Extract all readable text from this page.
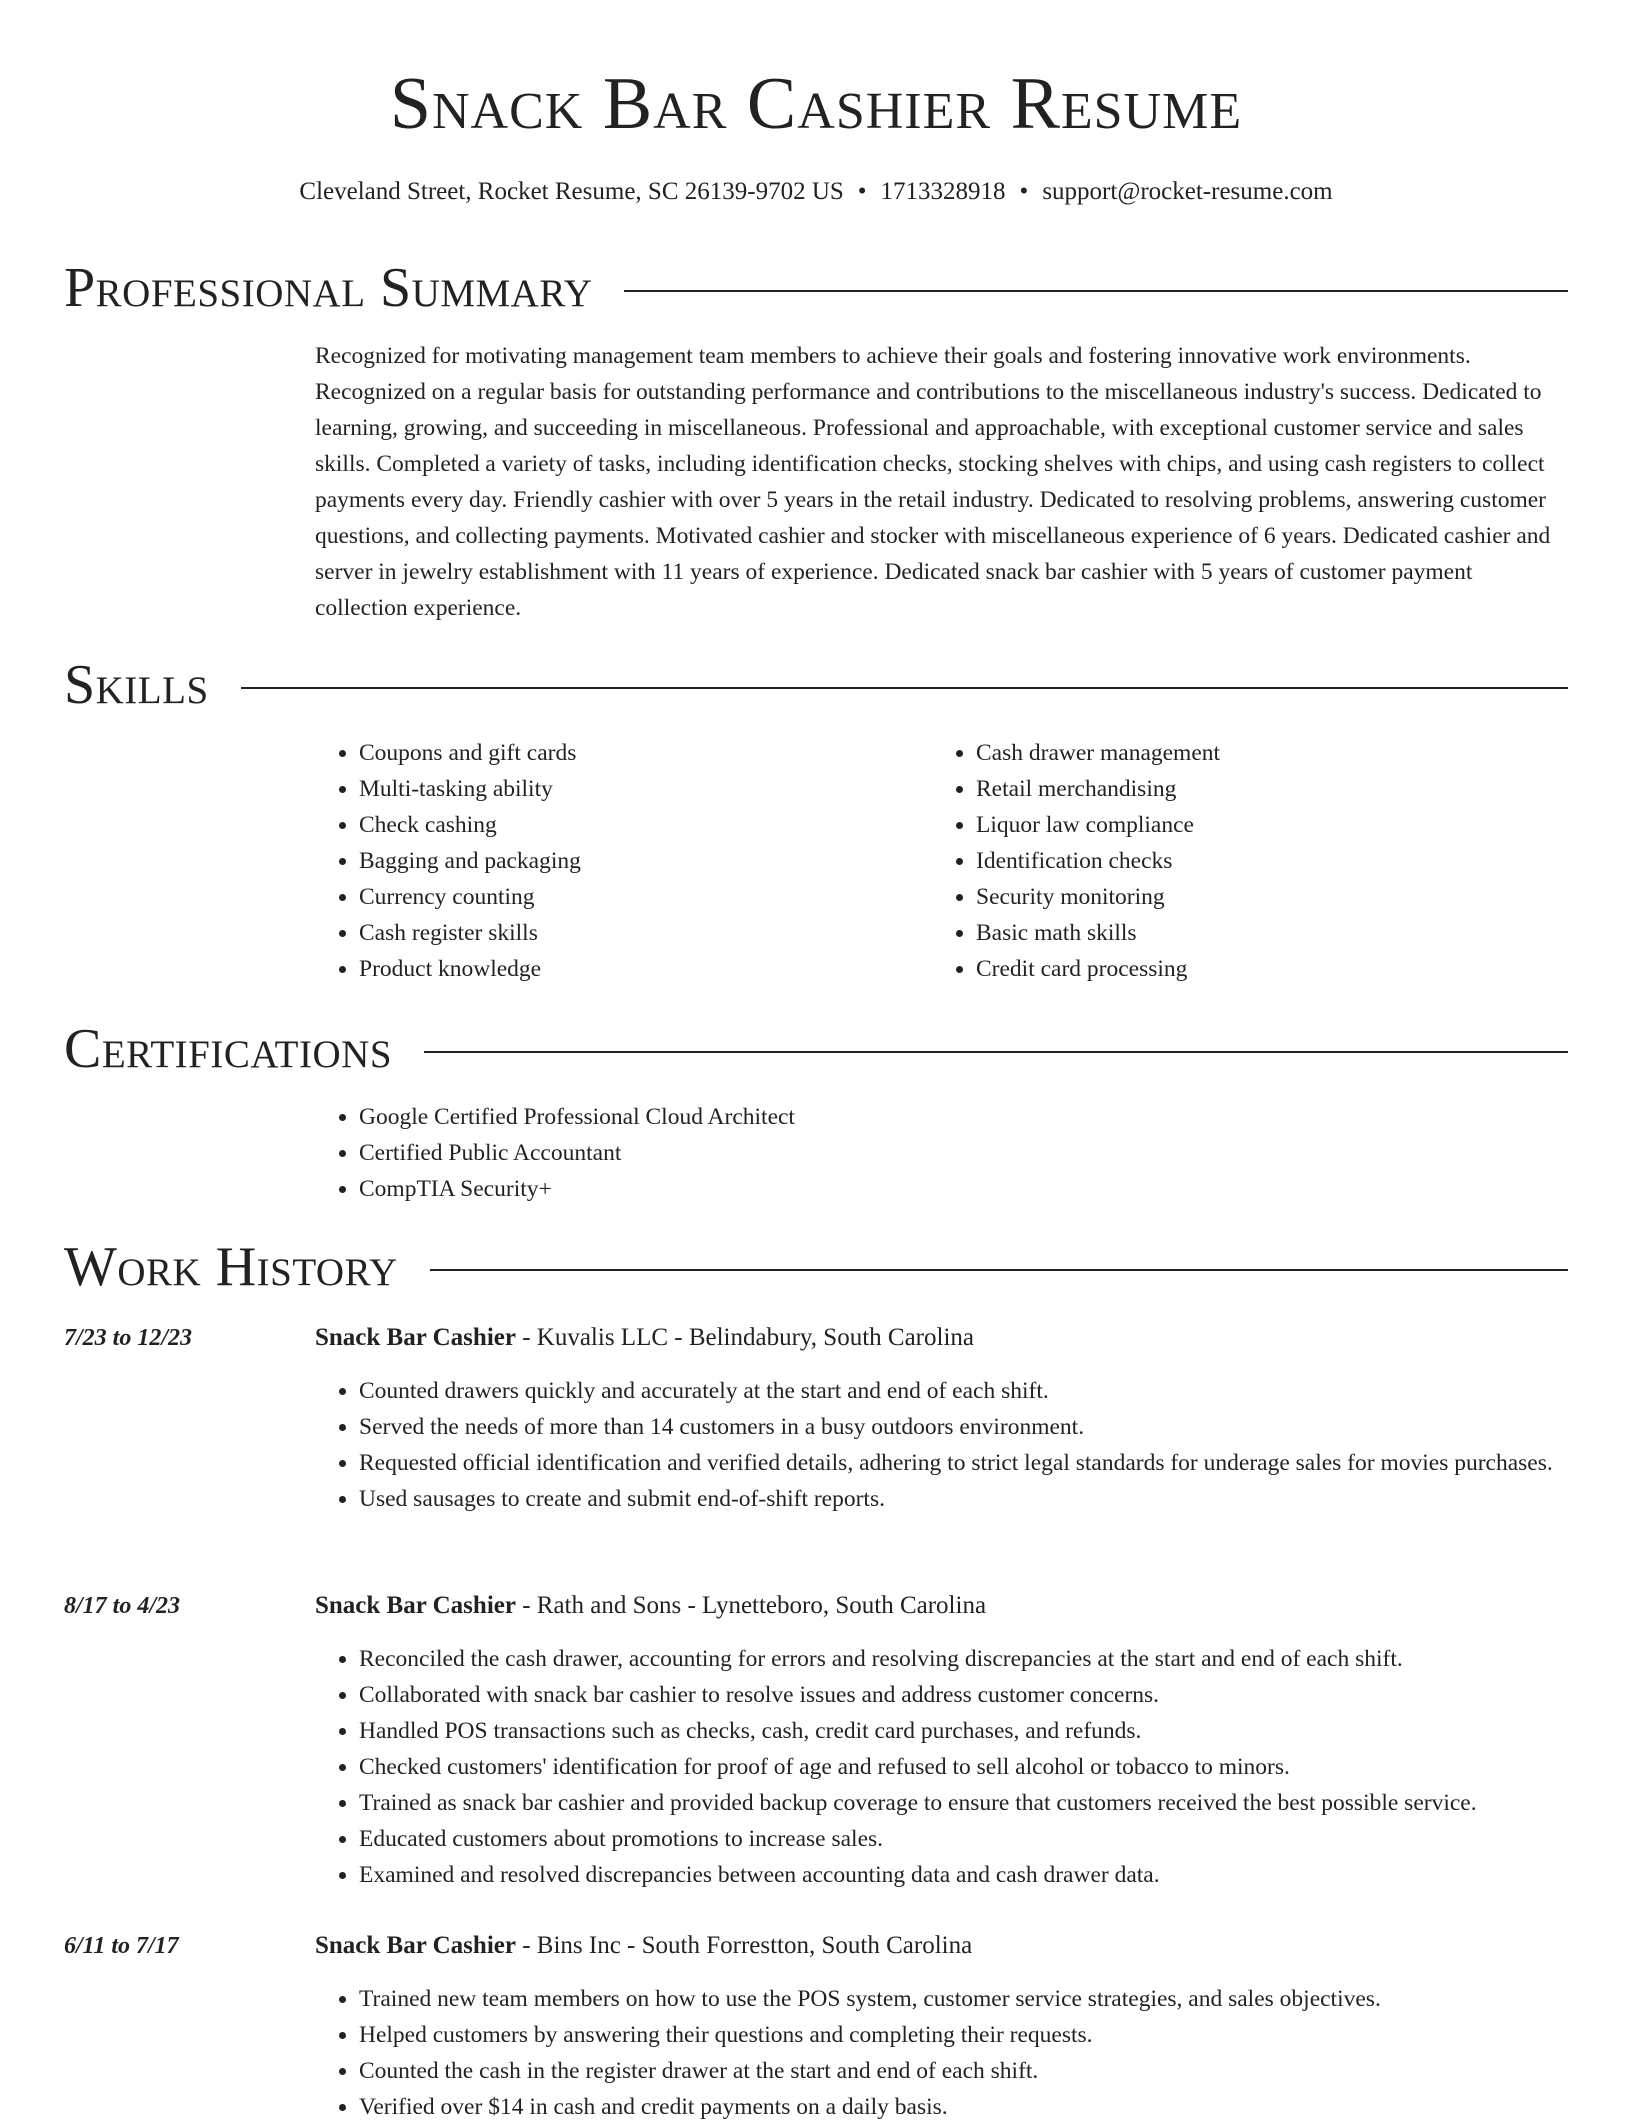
Snack Bar Cashier Resume
Cleveland Street, Rocket Resume, SC 26139-9702 US • 1713328918 • support@rocket-resume.com
Professional Summary

Recognized for motivating management team members to achieve their goals and fostering innovative work environments. Recognized on a regular basis for outstanding performance and contributions to the miscellaneous industry's success. Dedicated to learning, growing, and succeeding in miscellaneous. Professional and approachable, with exceptional customer service and sales skills. Completed a variety of tasks, including identification checks, stocking shelves with chips, and using cash registers to collect payments every day. Friendly cashier with over 5 years in the retail industry. Dedicated to resolving problems, answering customer questions, and collecting payments. Motivated cashier and stocker with miscellaneous experience of 6 years. Dedicated cashier and server in jewelry establishment with 11 years of experience. Dedicated snack bar cashier with 5 years of customer payment collection experience.

Skills
• Coupons and gift cards
• Multi-tasking ability
• Check cashing
• Bagging and packaging
• Currency counting
• Cash register skills
• Product knowledge
• Cash drawer management
• Retail merchandising
• Liquor law compliance
• Identification checks
• Security monitoring
• Basic math skills
• Credit card processing
Certifications
• Google Certified Professional Cloud Architect
• Certified Public Accountant
• CompTIA Security+
Work History
7/23 to 12/23	Snack Bar Cashier - Kuvalis LLC - Belindabury, South Carolina
• Counted drawers quickly and accurately at the start and end of each shift.
• Served the needs of more than 14 customers in a busy outdoors environment.
• Requested official identification and verified details, adhering to strict legal standards for underage sales for movies purchases.
• Used sausages to create and submit end-of-shift reports.
8/17 to 4/23	Snack Bar Cashier - Rath and Sons - Lynetteboro, South Carolina
• Reconciled the cash drawer, accounting for errors and resolving discrepancies at the start and end of each shift.
• Collaborated with snack bar cashier to resolve issues and address customer concerns.
• Handled POS transactions such as checks, cash, credit card purchases, and refunds.
• Checked customers' identification for proof of age and refused to sell alcohol or tobacco to minors.
• Trained as snack bar cashier and provided backup coverage to ensure that customers received the best possible service.
• Educated customers about promotions to increase sales.
• Examined and resolved discrepancies between accounting data and cash drawer data.
6/11 to 7/17	Snack Bar Cashier - Bins Inc - South Forrestton, South Carolina
• Trained new team members on how to use the POS system, customer service strategies, and sales objectives.
• Helped customers by answering their questions and completing their requests.
• Counted the cash in the register drawer at the start and end of each shift.
• Verified over $14 in cash and credit payments on a daily basis.
